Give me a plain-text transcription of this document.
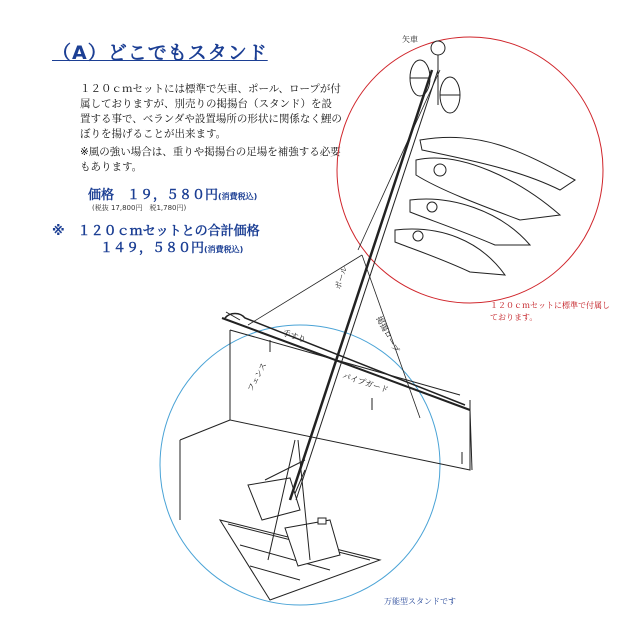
（A）どこでもスタンド
１２０ｃｍセットには標準で矢車、ポール、ロープが付属しておりますが、別売りの掲揚台（スタンド）を設置する事で、ベランダや設置場所の形状に関係なく鯉のぼりを揚げることが出来ます。
※風の強い場合は、重りや掲揚台の足場を補強する必要もあります。
価格　１９，５８０円(消費税込)
(税抜 17,800円　税1,780円)
※　１２０ｃｍセットとの合計価格
１４９，５８０円(消費税込)
矢車
ポール
掲揚ロープ
手すり
パイプガード
フェンス
１２０ｃｍセットに標準で付属しております。
万能型スタンドです
